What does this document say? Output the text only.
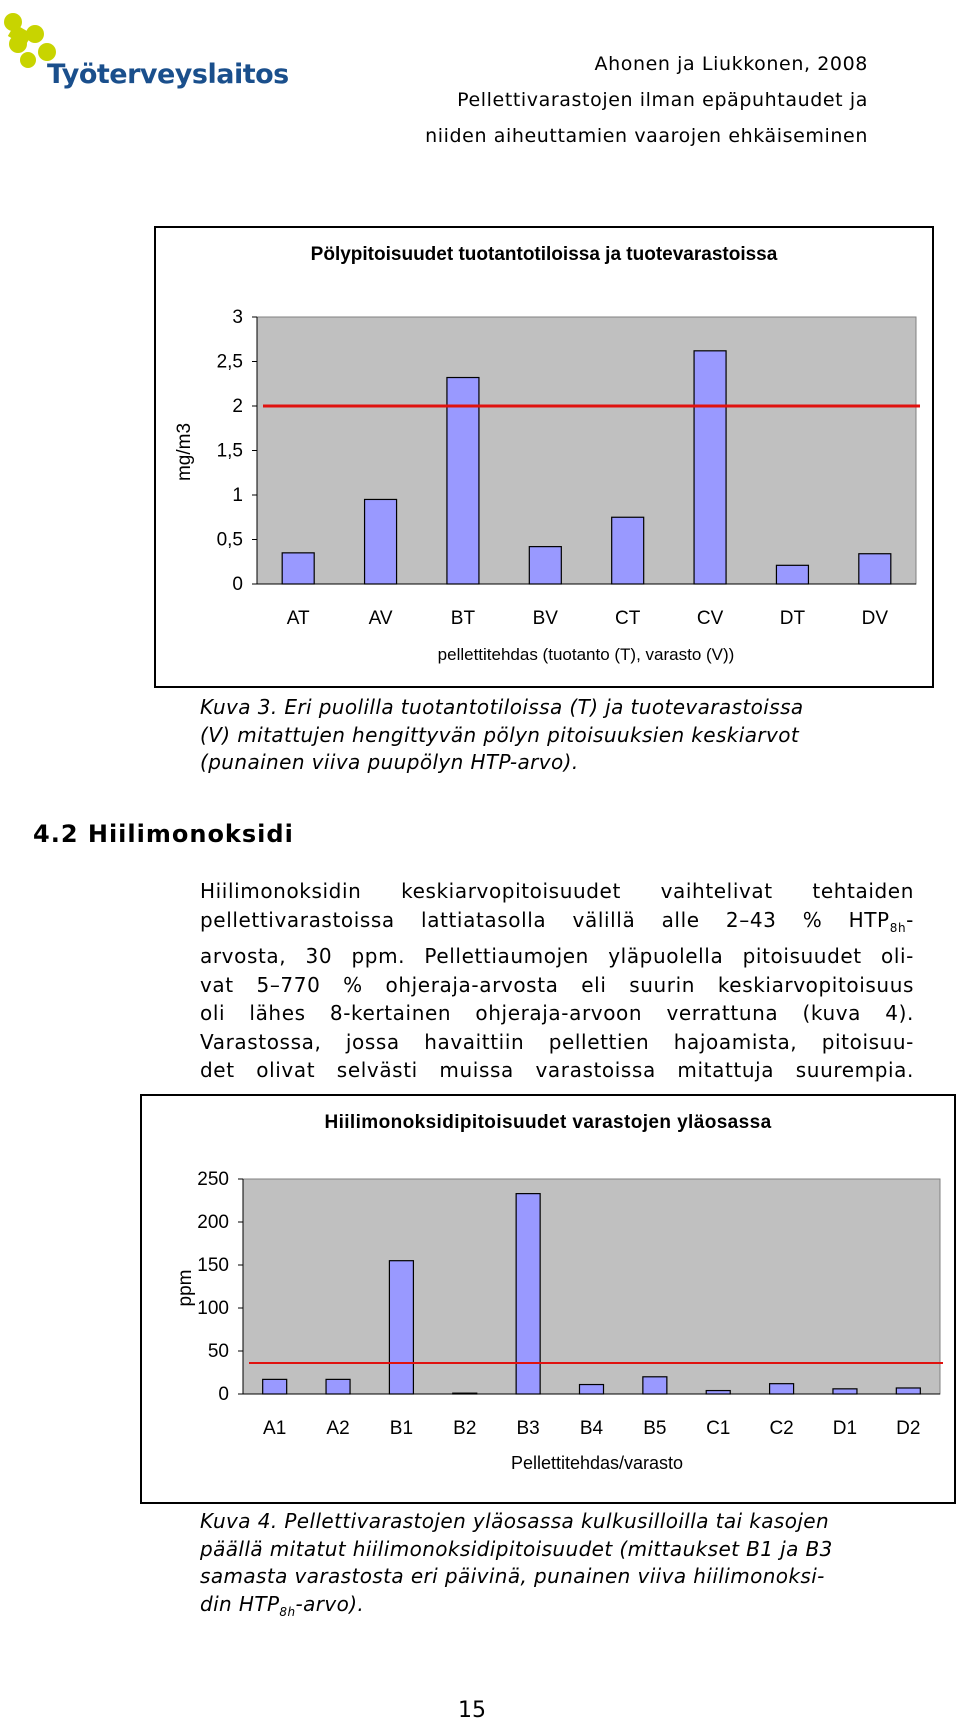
Työterveyslaitos	Ahonen ja Liukkonen, 2008
Pellettivarastojen ilman epäpuhtaudet ja
niiden aiheuttamien vaarojen ehkäiseminen
Pölypitoisuudet tuotantotiloissa ja tuotevarastoissa
0
0,5
1
1,5
2
2,5
3
AT	AV	BT	BV	CT	CV	DT	DV
pellettitehdas (tuotanto (T), varasto (V))
mg/m3
Kuva 3. Eri puolilla tuotantotiloissa (T) ja tuotevarastoissa
(V) mitattujen hengittyvän pölyn pitoisuuksien keskiarvot
(punainen viiva puupölyn HTP-arvo).
4.2 Hiilimonoksidi
Hiilimonoksidin keskiarvopitoisuudet vaihtelivat tehtaiden
pellettivarastoissa lattiatasolla välillä alle 2–43 % $HTP_{8h}-$
arvosta, 30 ppm. Pellettiaumojen yläpuolella pitoisuudet oli-
vat 5–770 % ohjeraja-arvosta eli suurin keskiarvopitoisuus
oli lähes 8-kertainen ohjeraja-arvoon verrattuna (kuva 4).
Varastossa, jossa havaittiin pellettien hajoamista, pitoisuu-
det olivat selvästi muissa varastoissa mitattuja suurempia.
Hiilimonoksidipitoisuudet varastojen yläosassa
0
50
100
150
200
250
A1 A2 B1 B2 B3 B4 B5 C1 C2 D1 D2
Pellettitehdas/varasto
ppm
Kuva 4. Pellettivarastojen yläosassa kulkusilloilla tai kasojen
päällä mitatut hiilimonoksidipitoisuudet (mittaukset B1 ja B3
samasta varastosta eri päivinä, punainen viiva hiilimonoksi-
din $HTP_{8h}-arvo$).
15
